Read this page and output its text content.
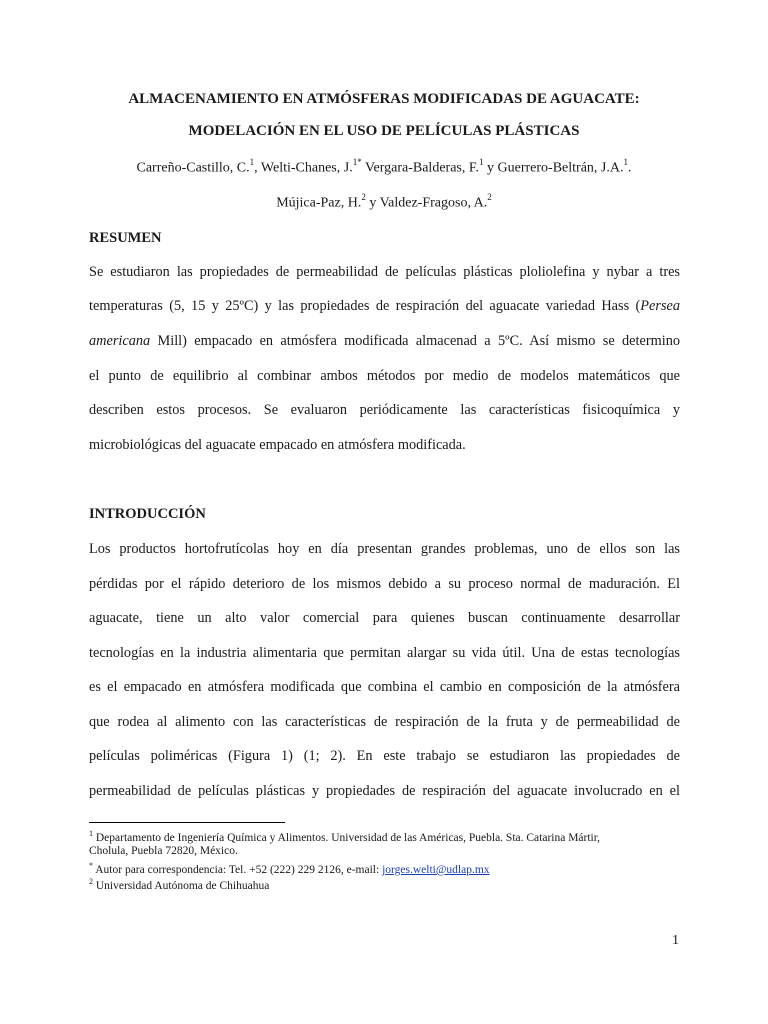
ALMACENAMIENTO EN ATMÓSFERAS MODIFICADAS DE AGUACATE:
MODELACIÓN EN EL USO DE PELÍCULAS PLÁSTICAS
Carreño-Castillo, C.$^1$, Welti-Chanes, J.$^{1*}$ Vergara-Balderas, F.$^1$ y Guerrero-Beltrán, J.A.$^1$.
Mújica-Paz, H.$^2$ y Valdez-Fragoso, A.$^2$
RESUMEN
Se estudiaron las propiedades de permeabilidad de películas plásticas ploliolefina y nybar a tres
temperaturas (5, 15 y 25ºC) y las propiedades de respiración del aguacate variedad Hass (Persea
americana Mill) empacado en atmósfera modificada almacenad a 5ºC. Así mismo se determino
el punto de equilibrio al combinar ambos métodos por medio de modelos matemáticos que
describen estos procesos. Se evaluaron periódicamente las características fisicoquímica y
microbiológicas del aguacate empacado en atmósfera modificada.
INTRODUCCIÓN
Los productos hortofrutícolas hoy en día presentan grandes problemas, uno de ellos son las
pérdidas por el rápido deterioro de los mismos debido a su proceso normal de maduración. El
aguacate, tiene un alto valor comercial para quienes buscan continuamente desarrollar
tecnologías en la industria alimentaria que permitan alargar su vida útil. Una de estas tecnologías
es el empacado en atmósfera modificada que combina el cambio en composición de la atmósfera
que rodea al alimento con las características de respiración de la fruta y de permeabilidad de
películas poliméricas (Figura 1) (1; 2). En este trabajo se estudiaron las propiedades de
permeabilidad de películas plásticas y propiedades de respiración del aguacate involucrado en el
$^1$ Departamento de Ingeniería Química y Alimentos. Universidad de las Américas, Puebla. Sta. Catarina Mártir,
Cholula, Puebla 72820, México.
* Autor para correspondencia: Tel. +52 (222) 229 2126, e-mail: jorges.welti@udlap.mx
$^2$ Universidad Autónoma de Chihuahua
1
